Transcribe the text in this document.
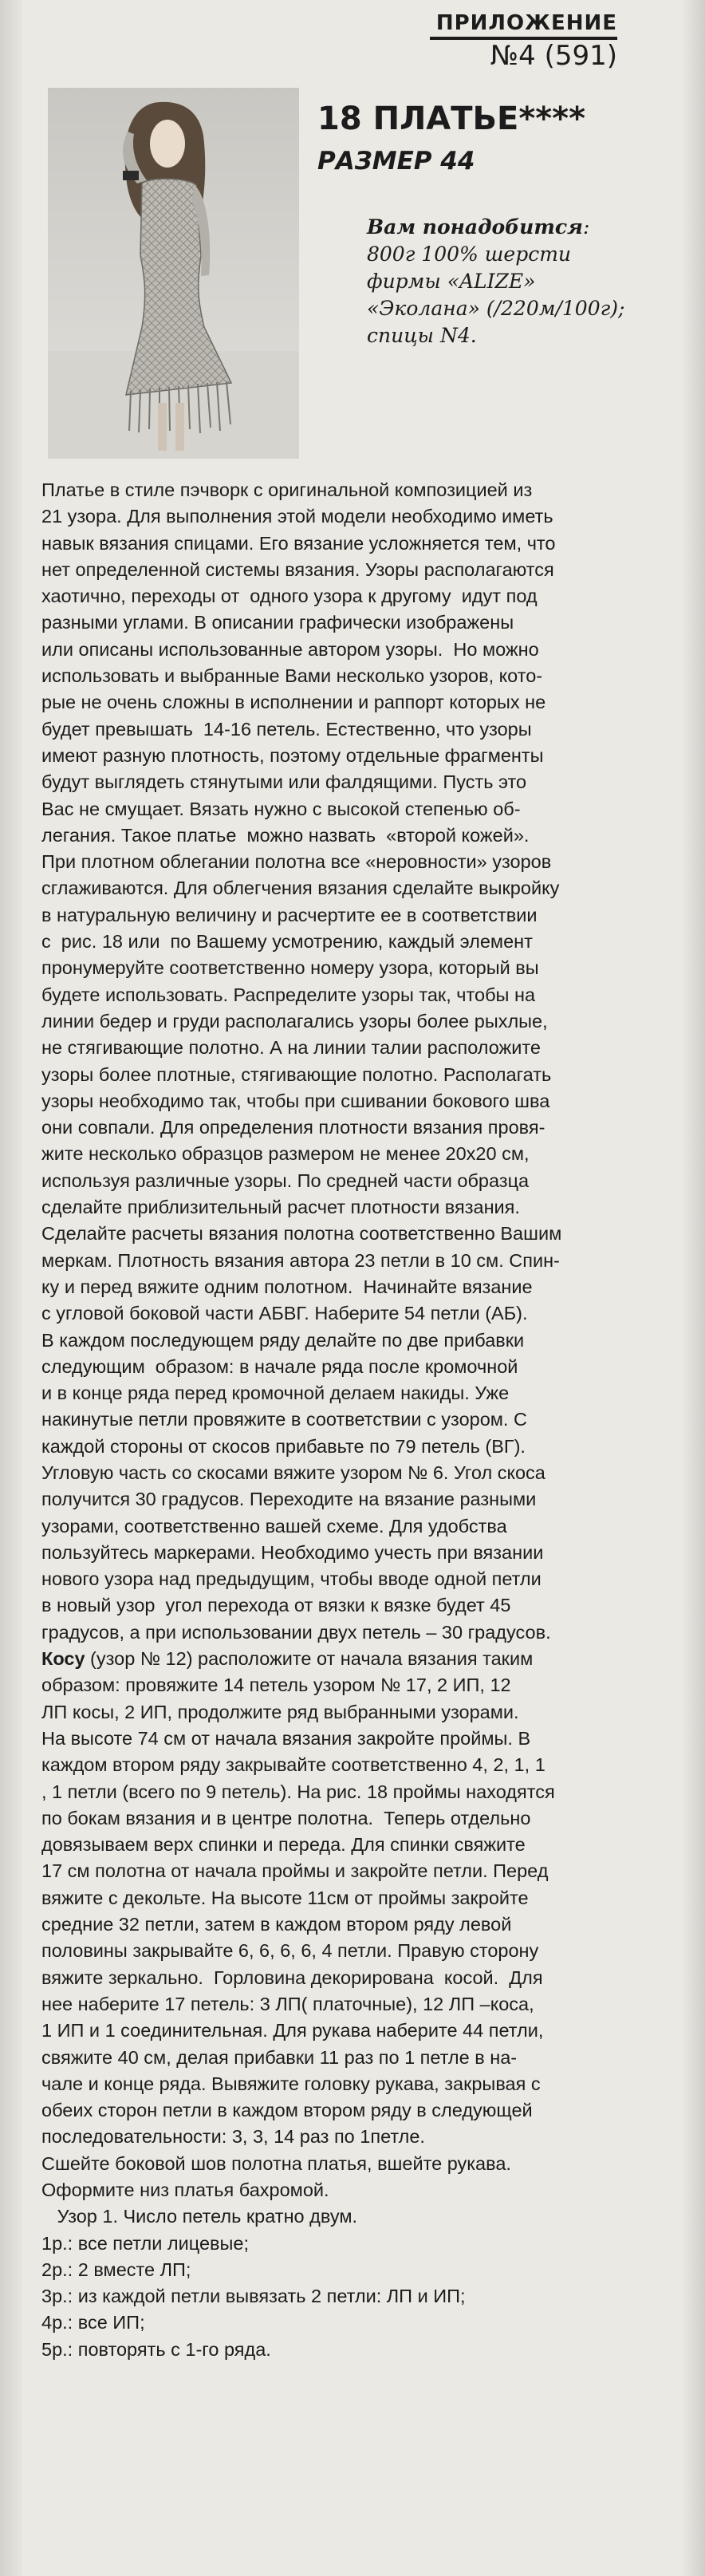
ПРИЛОЖЕНИЕ
№4 (591)
18 ПЛАТЬЕ****
РАЗМЕР 44
Вам понадобится: 800г 100% шерсти фирмы «ALIZE» «Эколана» (/220м/100г); спицы N4.
Платье в стиле пэчворк с оригинальной композицией из
21 узора. Для выполнения этой модели необходимо иметь
навык вязания спицами. Его вязание усложняется тем, что
нет определенной системы вязания. Узоры располагаются
хаотично, переходы от  одного узора к другому  идут под
разными углами. В описании графически изображены
или описаны использованные автором узоры.  Но можно
использовать и выбранные Вами несколько узоров, кото-
рые не очень сложны в исполнении и раппорт которых не
будет превышать  14-16 петель. Естественно, что узоры
имеют разную плотность, поэтому отдельные фрагменты
будут выглядеть стянутыми или фалдящими. Пусть это
Вас не смущает. Вязать нужно с высокой степенью об-
легания. Такое платье  можно назвать  «второй кожей».
При плотном облегании полотна все «неровности» узоров
сглаживаются. Для облегчения вязания сделайте выкройку
в натуральную величину и расчертите ее в соответствии
с  рис. 18 или  по Вашему усмотрению, каждый элемент
пронумеруйте соответственно номеру узора, который вы
будете использовать. Распределите узоры так, чтобы на
линии бедер и груди располагались узоры более рыхлые,
не стягивающие полотно. А на линии талии расположите
узоры более плотные, стягивающие полотно. Располагать
узоры необходимо так, чтобы при сшивании бокового шва
они совпали. Для определения плотности вязания провя-
жите несколько образцов размером не менее 20x20 см,
используя различные узоры. По средней части образца
сделайте приблизительный расчет плотности вязания.
Сделайте расчеты вязания полотна соответственно Вашим
меркам. Плотность вязания автора 23 петли в 10 см. Спин-
ку и перед вяжите одним полотном.  Начинайте вязание
с угловой боковой части АБВГ. Наберите 54 петли (АБ).
В каждом последующем ряду делайте по две прибавки
следующим  образом: в начале ряда после кромочной
и в конце ряда перед кромочной делаем накиды. Уже
накинутые петли провяжите в соответствии с узором. С
каждой стороны от скосов прибавьте по 79 петель (ВГ).
Угловую часть со скосами вяжите узором № 6. Угол скоса
получится 30 градусов. Переходите на вязание разными
узорами, соответственно вашей схеме. Для удобства
пользуйтесь маркерами. Необходимо учесть при вязании
нового узора над предыдущим, чтобы вводе одной петли
в новый узор  угол перехода от вязки к вязке будет 45
градусов, а при использовании двух петель – 30 градусов.
Косу (узор № 12) расположите от начала вязания таким
образом: провяжите 14 петель узором № 17, 2 ИП, 12
ЛП косы, 2 ИП, продолжите ряд выбранными узорами.
На высоте 74 см от начала вязания закройте проймы. В
каждом втором ряду закрывайте соответственно 4, 2, 1, 1
, 1 петли (всего по 9 петель). На рис. 18 проймы находятся
по бокам вязания и в центре полотна.  Теперь отдельно
довязываем верх спинки и переда. Для спинки свяжите
17 см полотна от начала проймы и закройте петли. Перед
вяжите с декольте. На высоте 11см от проймы закройте
средние 32 петли, затем в каждом втором ряду левой
половины закрывайте 6, 6, 6, 6, 4 петли. Правую сторону
вяжите зеркально.  Горловина декорирована  косой.  Для
нее наберите 17 петель: 3 ЛП( платочные), 12 ЛП –коса,
1 ИП и 1 соединительная. Для рукава наберите 44 петли,
свяжите 40 см, делая прибавки 11 раз по 1 петле в на-
чале и конце ряда. Вывяжите головку рукава, закрывая с
обеих сторон петли в каждом втором ряду в следующей
последовательности: 3, 3, 14 раз по 1петле.
Сшейте боковой шов полотна платья, вшейте рукава.
Оформите низ платья бахромой.
Узор 1. Число петель кратно двум.
1р.: все петли лицевые;
2р.: 2 вместе ЛП;
3р.: из каждой петли вывязать 2 петли: ЛП и ИП;
4р.: все ИП;
5р.: повторять с 1-го ряда.
